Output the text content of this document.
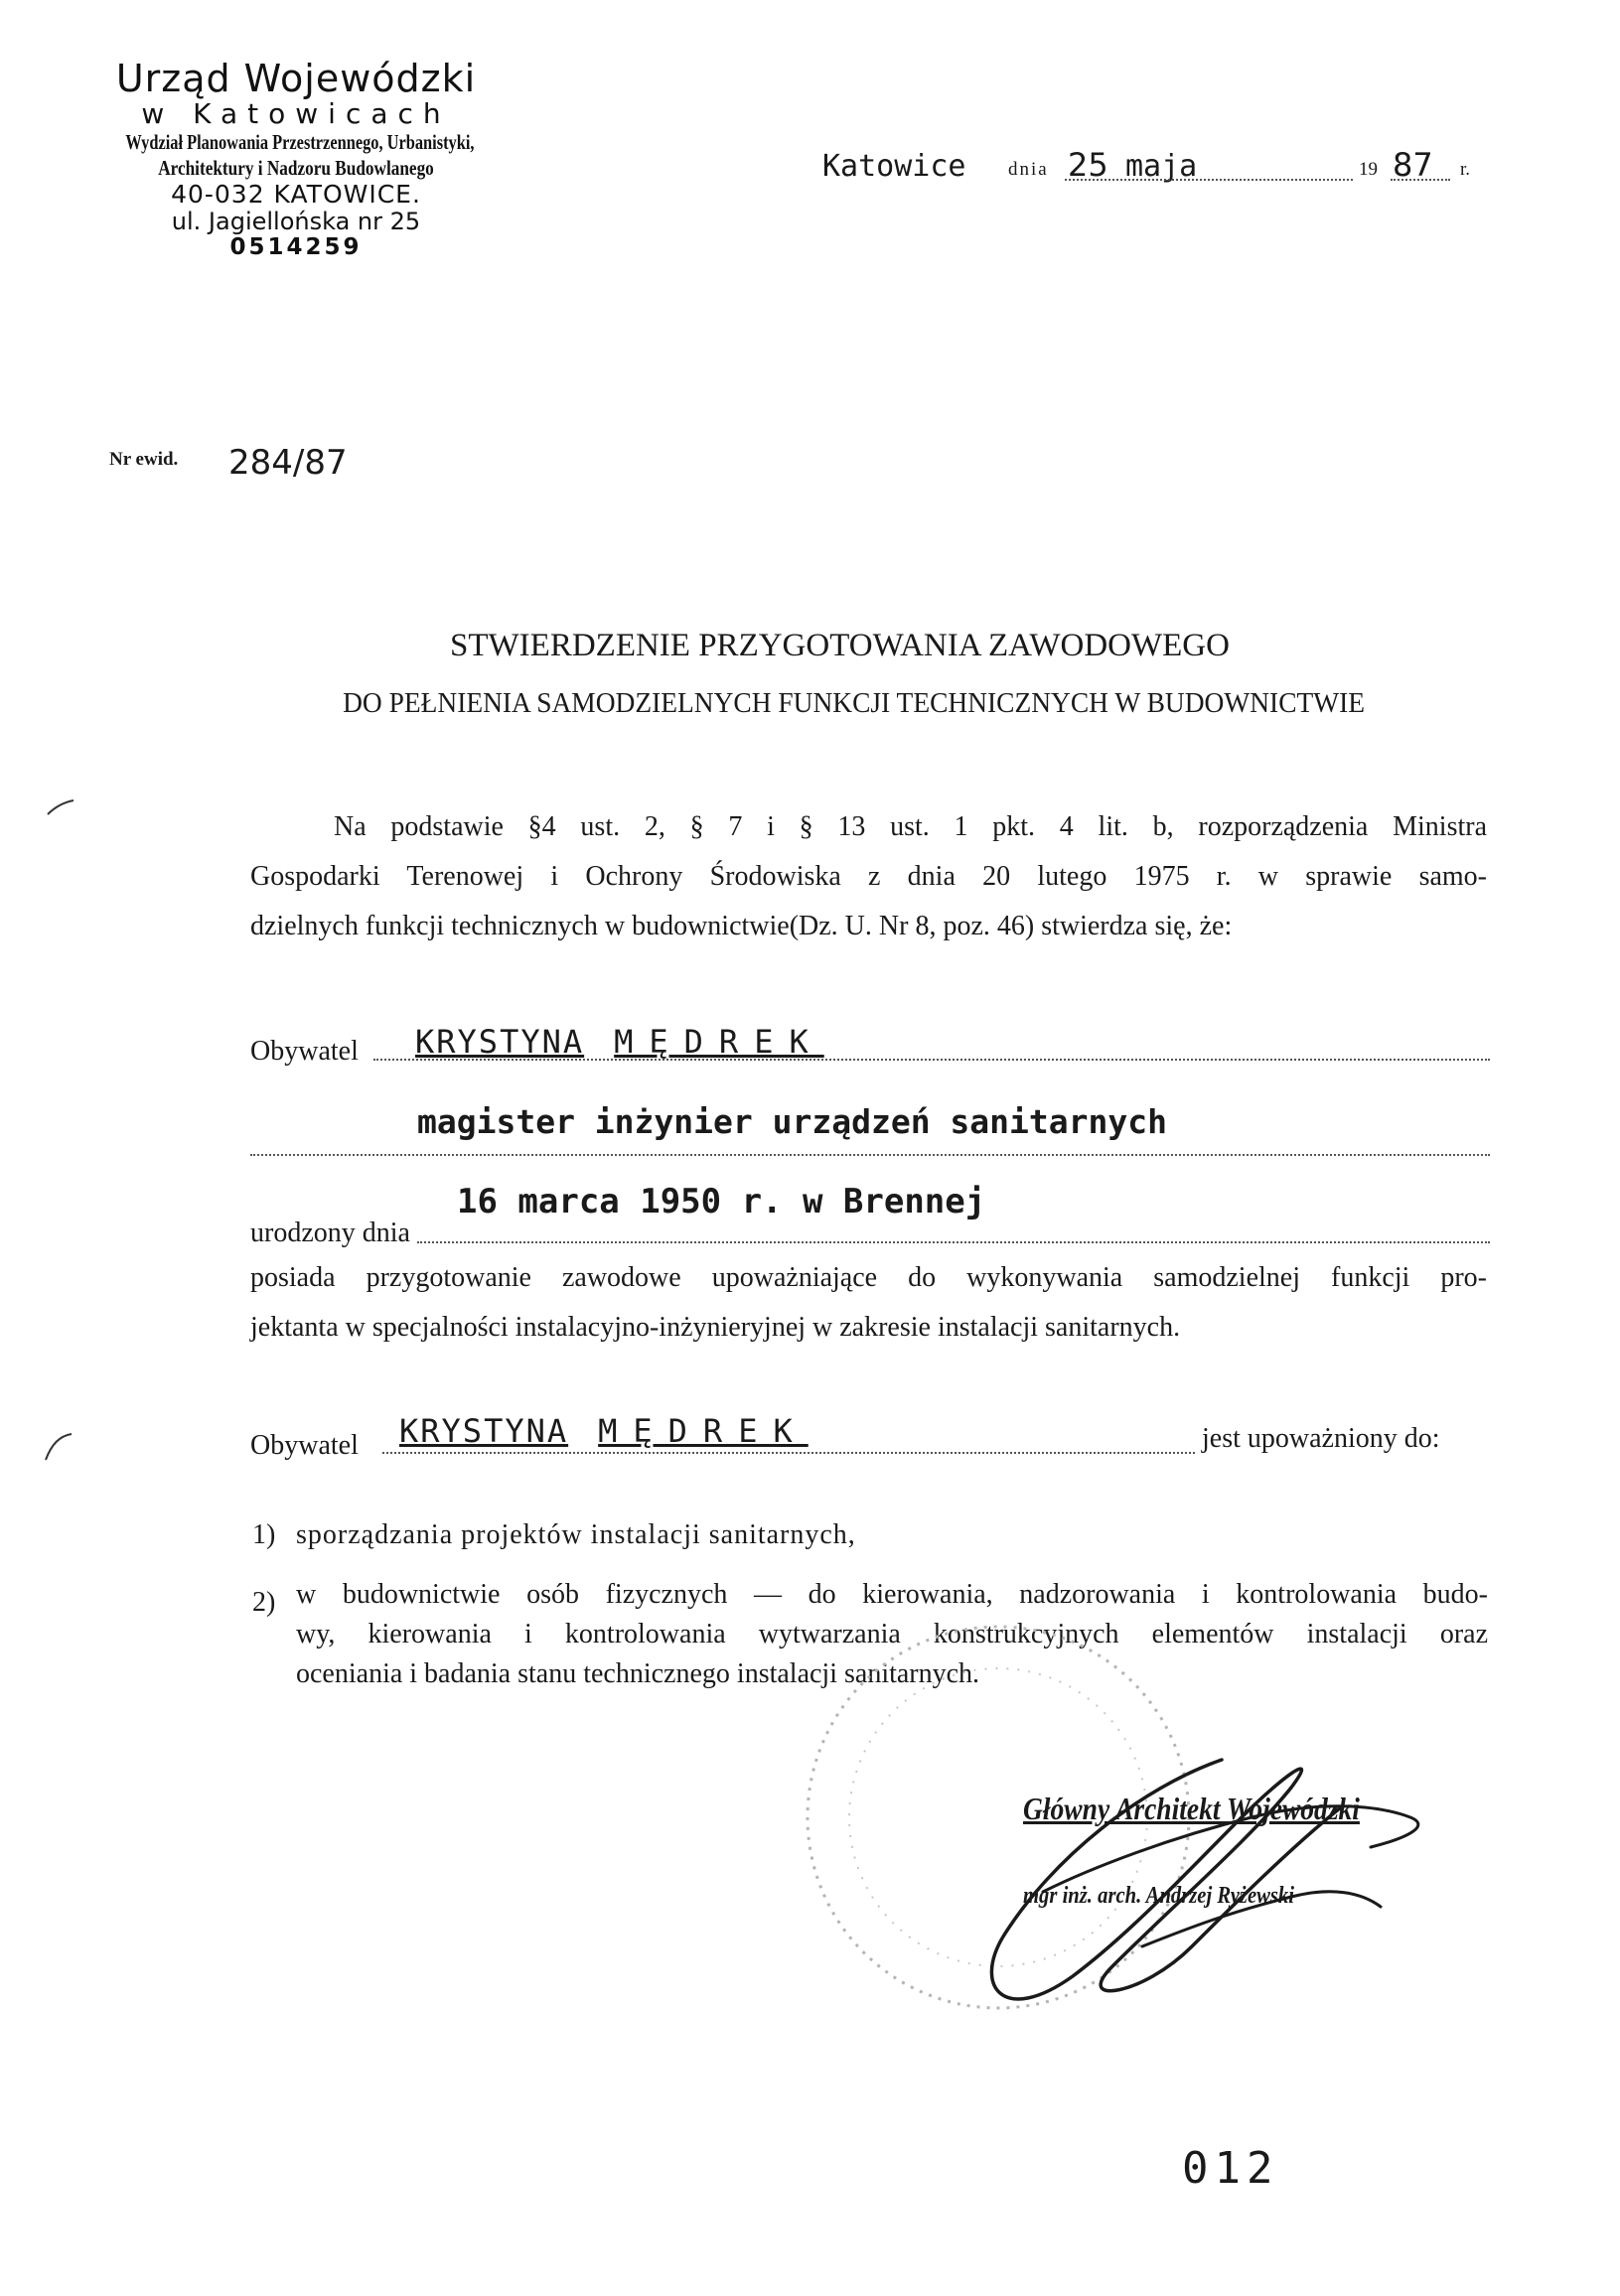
Urząd Wojewódzki
w Katowicach
Wydział Planowania Przestrzennego, Urbanistyki,
Architektury i Nadzoru Budowlanego
40-032 KATOWICE.
ul. Jagiellońska nr 25
0514259
Katowice dnia 25 maja	19 87 r.
Nr ewid. 284/87
STWIERDZENIE PRZYGOTOWANIA ZAWODOWEGO
DO PEŁNIENIA SAMODZIELNYCH FUNKCJI TECHNICZNYCH W BUDOWNICTWIE
Na podstawie §4 ust. 2, § 7 i § 13 ust. 1 pkt. 4 lit. b, rozporządzenia Ministra
Gospodarki Terenowej i Ochrony Środowiska z dnia 20 lutego 1975 r. w sprawie samo-
dzielnych funkcji technicznych w budownictwie(Dz. U. Nr 8, poz. 46) stwierdza się, że:
Obywatel KRYSTYNA MĘDREK
magister inżynier urządzeń sanitarnych
16 marca 1950 r. w Brennej
urodzony dnia
posiada przygotowanie zawodowe upoważniające do wykonywania samodzielnej funkcji pro-
jektanta w specjalności instalacyjno-inżynieryjnej w zakresie instalacji sanitarnych.
Obywatel KRYSTYNA MĘDREK	jest upoważniony do:
1) sporządzania projektów instalacji sanitarnych,
2) w budownictwie osób fizycznych — do kierowania, nadzorowania i kontrolowania budo-
wy, kierowania i kontrolowania wytwarzania konstrukcyjnych elementów instalacji oraz
oceniania i badania stanu technicznego instalacji sanitarnych.
Główny Architekt Wojewódzki
mgr inż. arch. Andrzej Ryżewski
012
